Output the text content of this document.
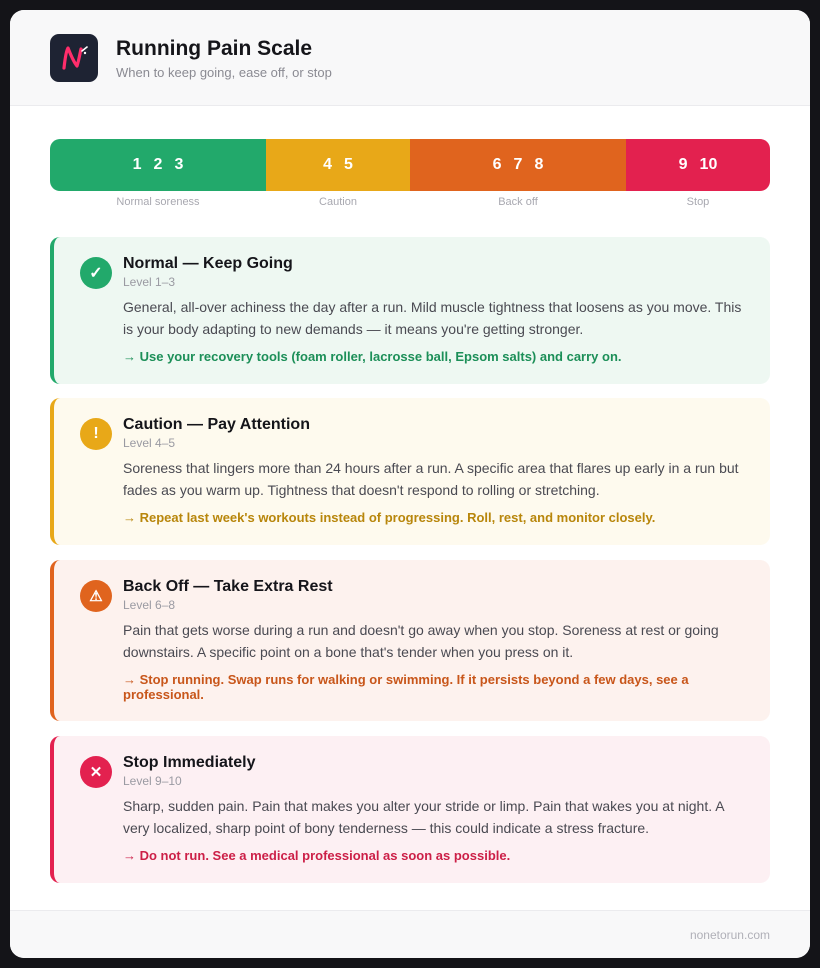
Running Pain Scale
When to keep going, ease off, or stop
1 2 3	4 5	6 7 8	9 10
Normal soreness	Caution	Back off	Stop
✓
Normal — Keep Going
Level 1–3
General, all-over achiness the day after a run. Mild muscle tightness that loosens as you move. This is your body adapting to new demands — it means you're getting stronger.
→ Use your recovery tools (foam roller, lacrosse ball, Epsom salts) and carry on.
!
Caution — Pay Attention
Level 4–5
Soreness that lingers more than 24 hours after a run. A specific area that flares up early in a run but fades as you warm up. Tightness that doesn't respond to rolling or stretching.
→ Repeat last week's workouts instead of progressing. Roll, rest, and monitor closely.
⚠
Back Off — Take Extra Rest
Level 6–8
Pain that gets worse during a run and doesn't go away when you stop. Soreness at rest or going downstairs. A specific point on a bone that's tender when you press on it.
→ Stop running. Swap runs for walking or swimming. If it persists beyond a few days, see a professional.
✕
Stop Immediately
Level 9–10
Sharp, sudden pain. Pain that makes you alter your stride or limp. Pain that wakes you at night. A very localized, sharp point of bony tenderness — this could indicate a stress fracture.
→ Do not run. See a medical professional as soon as possible.
nonetorun.com
